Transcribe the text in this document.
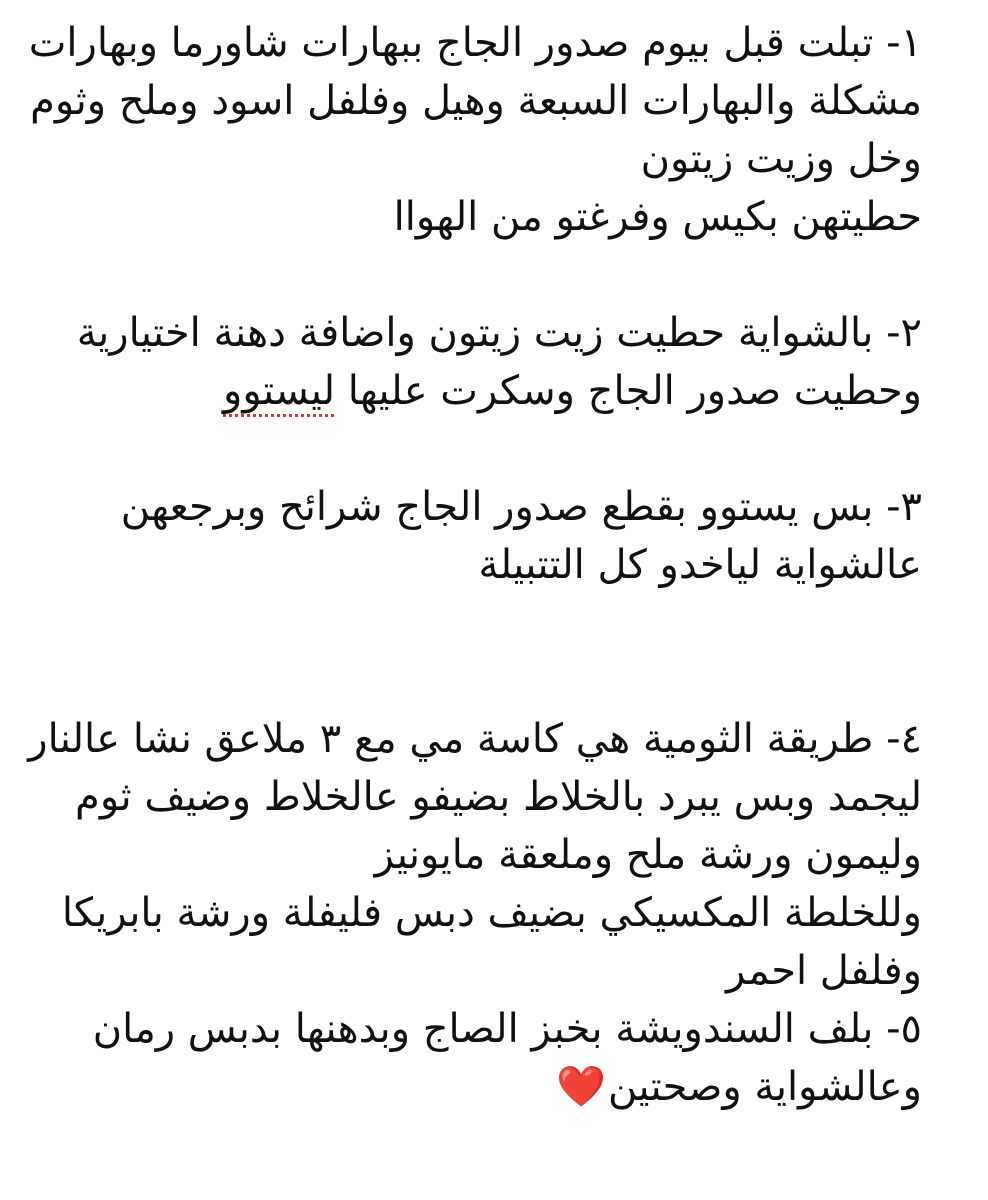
١- تبلت قبل بيوم صدور الجاج ببهارات شاورما وبهارات
مشكلة والبهارات السبعة وهيل وفلفل اسود وملح وثوم
وخل وزيت زيتون
حطيتهن بكيس وفرغتو من الهواا
٢- بالشواية حطيت زيت زيتون واضافة دهنة اختيارية
وحطيت صدور الجاج وسكرت عليها ليستوو
٣- بس يستوو بقطع صدور الجاج شرائح وبرجعهن
عالشواية لياخدو كل التتبيلة
٤- طريقة الثومية هي كاسة مي مع ٣ ملاعق نشا عالنار
ليجمد وبس يبرد بالخلاط بضيفو عالخلاط وضيف ثوم
وليمون ورشة ملح وملعقة مايونيز
وللخلطة المكسيكي بضيف دبس فليفلة ورشة بابريكا
وفلفل احمر
٥- بلف السندويشة بخبز الصاج وبدهنها بدبس رمان
وعالشواية وصحتين❤️
